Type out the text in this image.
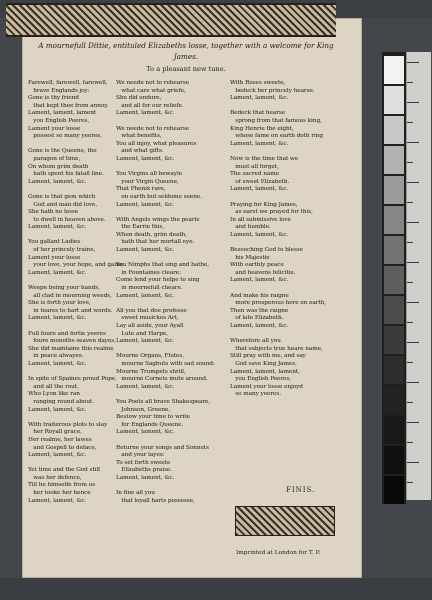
A mournefull Dittie, entituled Elizabeths losse, together with a welcome for King James.
To a pleasant new tune.
Farewell, farewell, farewell,
brave Englands joy:
Gone is thy friend
that kept thee from annoy.
Lament, lament, lament
you English Peeres,
Lament your losse
possest so many yeeres.

Gone is the Queene, the
paragon of time,
On whom grim death
hath spent his fatall line.
Lament, lament, &c.

Gone is that gem which
God and man did love,
She hath no lesse
to dwell in heaven above.
Lament, lament, &c.

You gallant Ladies
of her princely traine,
Lament your losse
your love, your hope, and gaine.
Lament, lament, &c.

Weepe being your hands,
all clad in mourning weeds,
She is forth your love,
in teares to hart and words.
Lament, lament, &c.

Full foure and fortie yeeres
foure moneths seaven dayes,
She did maintaine this realme
in peace alwayes.
Lament, lament, &c.

In spite of Spaines proud Pope,
and all the rout,
Who Lyon like ran
ranging round about.
Lament, lament, &c.

With traiterous plots to slay
her Royall grace,
Her realme, her lawes
and Gospell to deface,
Lament, lament, &c.

Yet time and the God still
was her defence,
Till he himselfe from us
her tooke her hence
Lament, lament, &c.
We neede not to rehearse
what care what griefe,
She did endure,
and all for our reliefe.
Lament, lament, &c.

We neede not to rehearse
what benefits,
You all injoy, what pleasures
and what gifts.
Lament, lament, &c.

You Virgins all bewayle
your Virgin Queene,
That Phenix rare,
on earth but seldome seene.
Lament, lament, &c.

With Angels wings the pearle
the Earrie this,
When death, grim death,
hath that her mortall eye.
Lament, lament, &c.

You Nimphs that sing and bathe,
in Fountaines cleare:
Come lend your helpe to sing
in mournefull cheare.
Lament, lament, &c.

All you that doe professe
sweet musickes Art,
Lay all aside, your Ayall
Lute and Harpe,
Lament, lament, &c.

Mourne Organs, Flutes,
mourne Sagbuts with sad sound:
Mourne Trumpets shrill,
mourne Cornets mute around.
Lament, lament, &c.

You Poets all brave Shakespeare,
Johnson, Greene,
Bestow your time to write
for Englands Queene.
Lament, lament, &c.

Returne your songs and Sonnets
and your layes:
To set forth sweete
Elizabeths praise.
Lament, lament, &c.

In fine all you
that loyall harts possesse,
With Roses sweete,
bedeck her princely hearse.
Lament, lament, &c.

Bedeck that hearse
sprong from that famous king,
King Henrie the eight,
whose fame on earth doth ring
Lament, lament, &c.

Now is the time that we
must all forget,
The sacred name
of sweet Elizabeth.
Lament, lament, &c.

Praying for King James,
as earst we prayed for this,
In all submissive love
and humble.
Lament, lament, &c.

Beseeching God to blesse
his Majestie
With earthly peace
and heavens felicitie.
Lament, lament, &c.

And make his raigne
more prosperous here on earth,
Then was the raigne
of late Elizabeth.
Lament, lament, &c.

Wherefore all you
that subjects true heare name,
Still pray with me, and say
God save King James,
Lament, lament, lament,
you English Peeres,
Lament your losse enjoyd
so many yeeres.
FINIS.
Imprinted at London for T. P.
